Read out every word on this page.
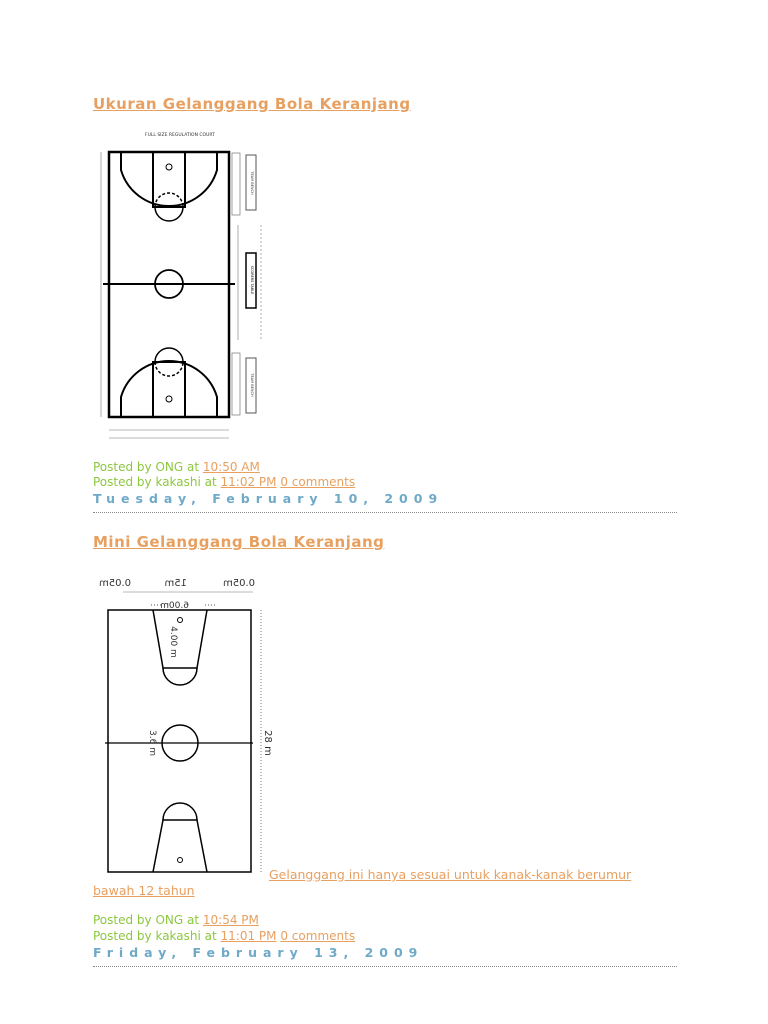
Ukuran Gelanggang Bola Keranjang
FULL SIZE REGULATION COURT
TEAM BENCH
SCORERS TABLE
TEAM BENCH
Posted by ONG at 10:50 AM
Posted by kakashi at 11:02 PM 0 comments
Tuesday, February 10, 2009
Mini Gelanggang Bola Keranjang
0.05m
15m
0.05m
6.00m
4.00 m
3.6 m	28 m
Gelanggang ini hanya sesuai untuk kanak-kanak berumur
bawah 12 tahun
Posted by ONG at 10:54 PM
Posted by kakashi at 11:01 PM 0 comments
Friday, February 13, 2009
